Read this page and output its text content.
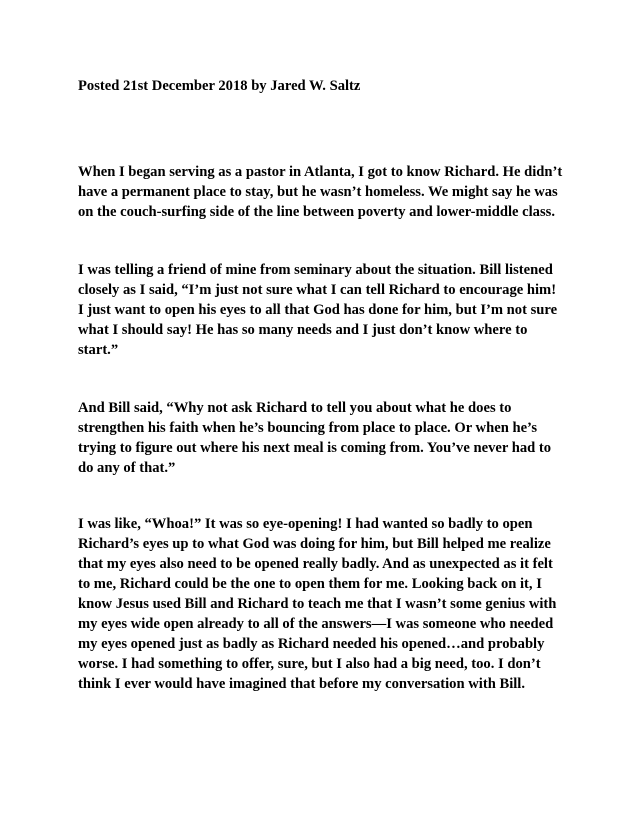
Posted 21st December 2018 by Jared W. Saltz

When I began serving as a pastor in Atlanta, I got to know Richard. He didn’t
have a permanent place to stay, but he wasn’t homeless. We might say he was
on the couch-surfing side of the line between poverty and lower-middle class.

I was telling a friend of mine from seminary about the situation. Bill listened
closely as I said, “I’m just not sure what I can tell Richard to encourage him!
I just want to open his eyes to all that God has done for him, but I’m not sure
what I should say! He has so many needs and I just don’t know where to
start.”

And Bill said, “Why not ask Richard to tell you about what he does to
strengthen his faith when he’s bouncing from place to place. Or when he’s
trying to figure out where his next meal is coming from. You’ve never had to
do any of that.”

I was like, “Whoa!” It was so eye-opening! I had wanted so badly to open
Richard’s eyes up to what God was doing for him, but Bill helped me realize
that my eyes also need to be opened really badly. And as unexpected as it felt
to me, Richard could be the one to open them for me. Looking back on it, I
know Jesus used Bill and Richard to teach me that I wasn’t some genius with
my eyes wide open already to all of the answers—I was someone who needed
my eyes opened just as badly as Richard needed his opened…and probably
worse. I had something to offer, sure, but I also had a big need, too. I don’t
think I ever would have imagined that before my conversation with Bill.
